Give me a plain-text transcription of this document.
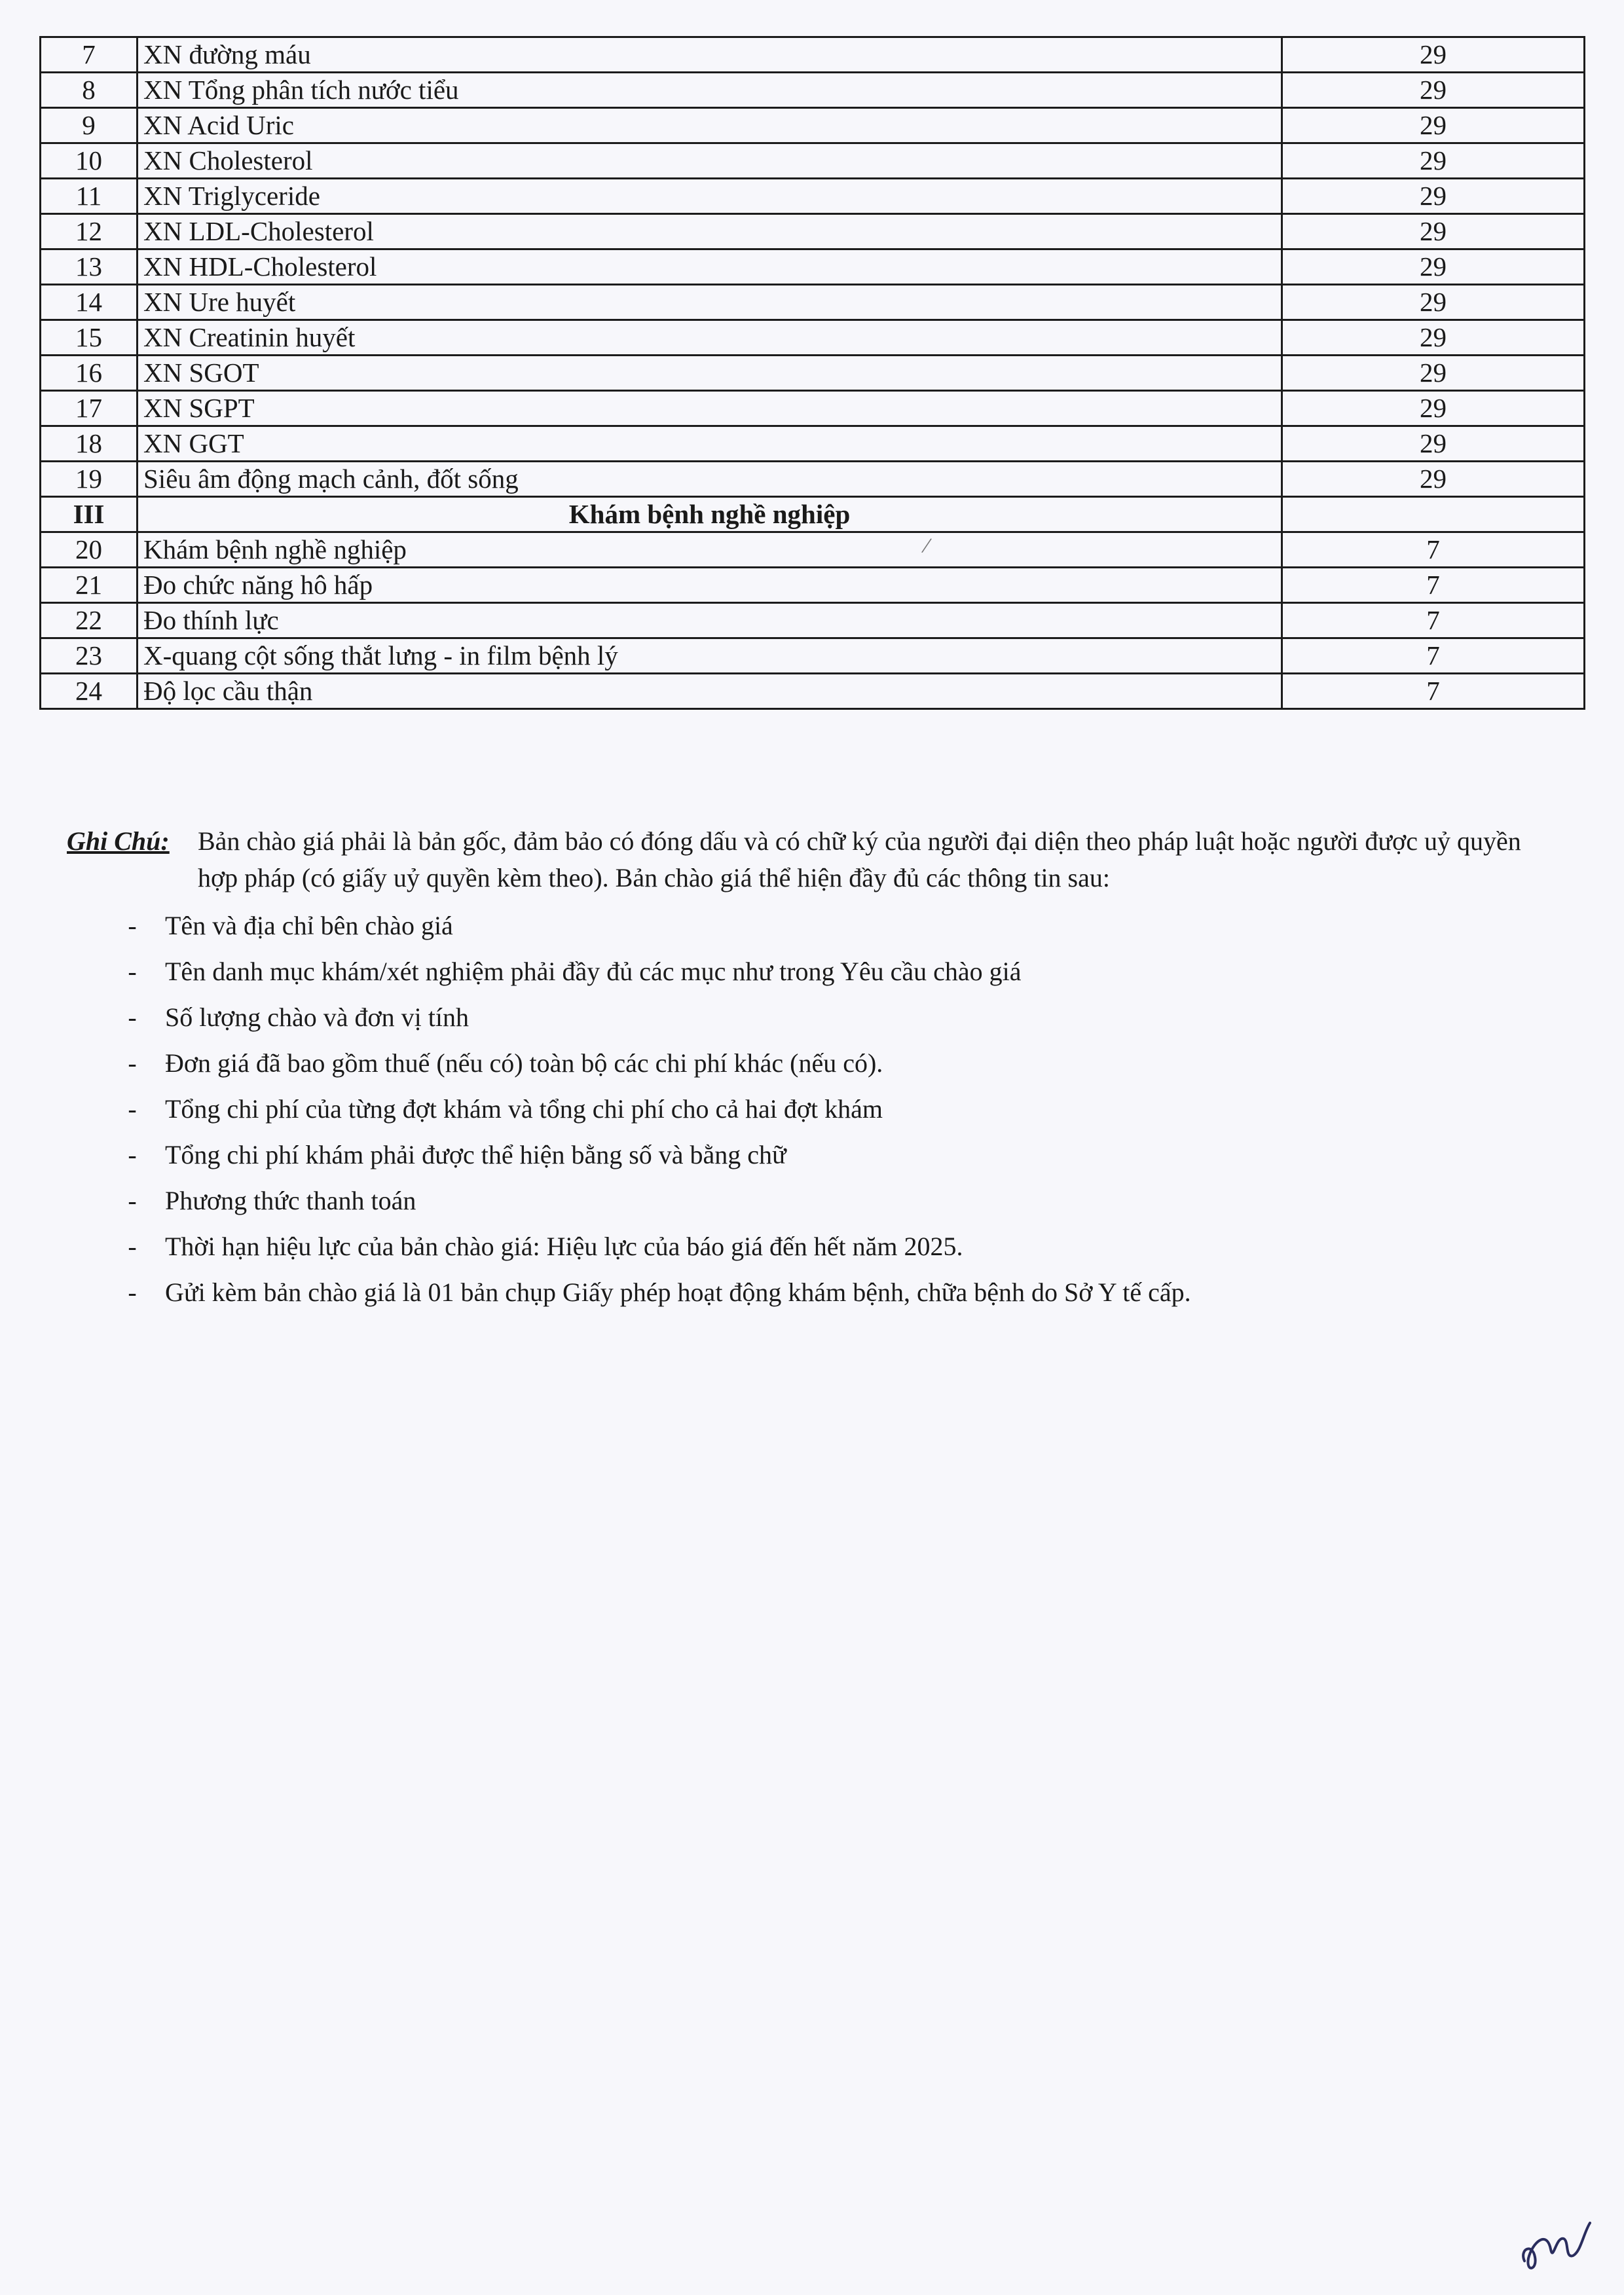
7	XN đường máu	29
8	XN Tổng phân tích nước tiểu	29
9	XN Acid Uric	29
10	XN Cholesterol	29
11	XN Triglyceride	29
12	XN LDL-Cholesterol	29
13	XN HDL-Cholesterol	29
14	XN Ure huyết	29
15	XN Creatinin huyết	29
16	XN SGOT	29
17	XN SGPT	29
18	XN GGT	29
19	Siêu âm động mạch cảnh, đốt sống	29
III	Khám bệnh nghề nghiệp	
20	Khám bệnh nghề nghiệp	7
21	Đo chức năng hô hấp	7
22	Đo thính lực	7
23	X-quang cột sống thắt lưng - in film bệnh lý	7
24	Độ lọc cầu thận	7
/
Ghi Chú:	Bản chào giá phải là bản gốc, đảm bảo có đóng dấu và có chữ ký của người đại diện theo pháp luật hoặc người được uỷ quyền hợp pháp (có giấy uỷ quyền kèm theo). Bản chào giá thể hiện đầy đủ các thông tin sau:
-	Tên và địa chỉ bên chào giá
-	Tên danh mục khám/xét nghiệm phải đầy đủ các mục như trong Yêu cầu chào giá
-	Số lượng chào và đơn vị tính
-	Đơn giá đã bao gồm thuế (nếu có) toàn bộ các chi phí khác (nếu có).
-	Tổng chi phí của từng đợt khám và tổng chi phí cho cả hai đợt khám
-	Tổng chi phí khám phải được thể hiện bằng số và bằng chữ
-	Phương thức thanh toán
-	Thời hạn hiệu lực của bản chào giá: Hiệu lực của báo giá đến hết năm 2025.
-	Gửi kèm bản chào giá là 01 bản chụp Giấy phép hoạt động khám bệnh, chữa bệnh do Sở Y tế cấp.
